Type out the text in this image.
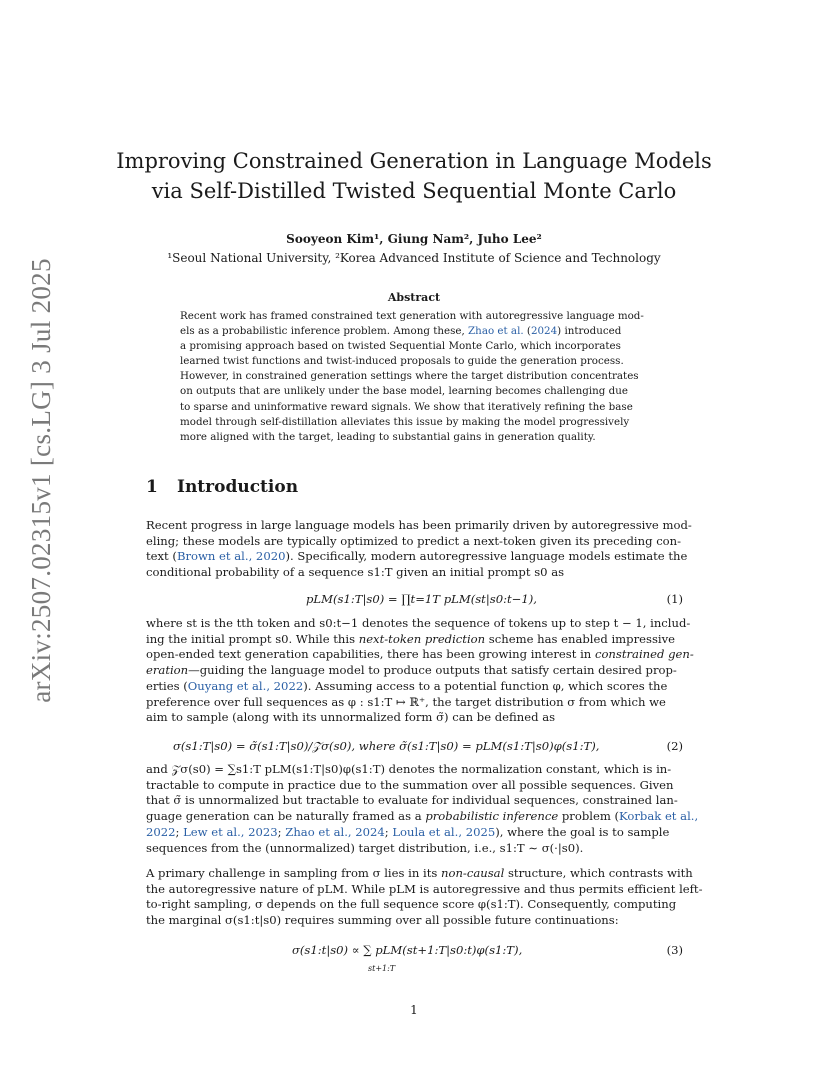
arXiv:2507.02315v1 [cs.LG] 3 Jul 2025
Improving Constrained Generation in Language Models
via Self-Distilled Twisted Sequential Monte Carlo
Sooyeon Kim¹, Giung Nam², Juho Lee²
¹Seoul National University, ²Korea Advanced Institute of Science and Technology
Abstract
Recent work has framed constrained text generation with autoregressive language mod-
els as a probabilistic inference problem. Among these, Zhao et al. (2024) introduced
a promising approach based on twisted Sequential Monte Carlo, which incorporates
learned twist functions and twist-induced proposals to guide the generation process.
However, in constrained generation settings where the target distribution concentrates
on outputs that are unlikely under the base model, learning becomes challenging due
to sparse and uninformative reward signals. We show that iteratively refining the base
model through self-distillation alleviates this issue by making the model progressively
more aligned with the target, leading to substantial gains in generation quality.
1 Introduction
Recent progress in large language models has been primarily driven by autoregressive mod-
eling; these models are typically optimized to predict a next-token given its preceding con-
text (Brown et al., 2020). Specifically, modern autoregressive language models estimate the
conditional probability of a sequence s1:T given an initial prompt s0 as
pLM(s1:T|s0) = ∏t=1T pLM(st|s0:t−1),	(1)
where st is the tth token and s0:t−1 denotes the sequence of tokens up to step t − 1, includ-
ing the initial prompt s0. While this next-token prediction scheme has enabled impressive
open-ended text generation capabilities, there has been growing interest in constrained gen-
eration—guiding the language model to produce outputs that satisfy certain desired prop-
erties (Ouyang et al., 2022). Assuming access to a potential function φ, which scores the
preference over full sequences as φ : s1:T ↦ ℝ⁺, the target distribution σ from which we
aim to sample (along with its unnormalized form σ̃) can be defined as
σ(s1:T|s0) = σ̃(s1:T|s0)/𝒵σ(s0), where σ̃(s1:T|s0) = pLM(s1:T|s0)φ(s1:T),	(2)
and 𝒵σ(s0) = ∑s1:T pLM(s1:T|s0)φ(s1:T) denotes the normalization constant, which is in-
tractable to compute in practice due to the summation over all possible sequences. Given
that σ̃ is unnormalized but tractable to evaluate for individual sequences, constrained lan-
guage generation can be naturally framed as a probabilistic inference problem (Korbak et al.,
2022; Lew et al., 2023; Zhao et al., 2024; Loula et al., 2025), where the goal is to sample
sequences from the (unnormalized) target distribution, i.e., s1:T ∼ σ(·|s0).
A primary challenge in sampling from σ lies in its non-causal structure, which contrasts with
the autoregressive nature of pLM. While pLM is autoregressive and thus permits efficient left-
to-right sampling, σ depends on the full sequence score φ(s1:T). Consequently, computing
the marginal σ(s1:t|s0) requires summing over all possible future continuations:
σ(s1:t|s0) ∝ ∑ pLM(st+1:T|s0:t)φ(s1:T),
st+1:T
(3)
1
